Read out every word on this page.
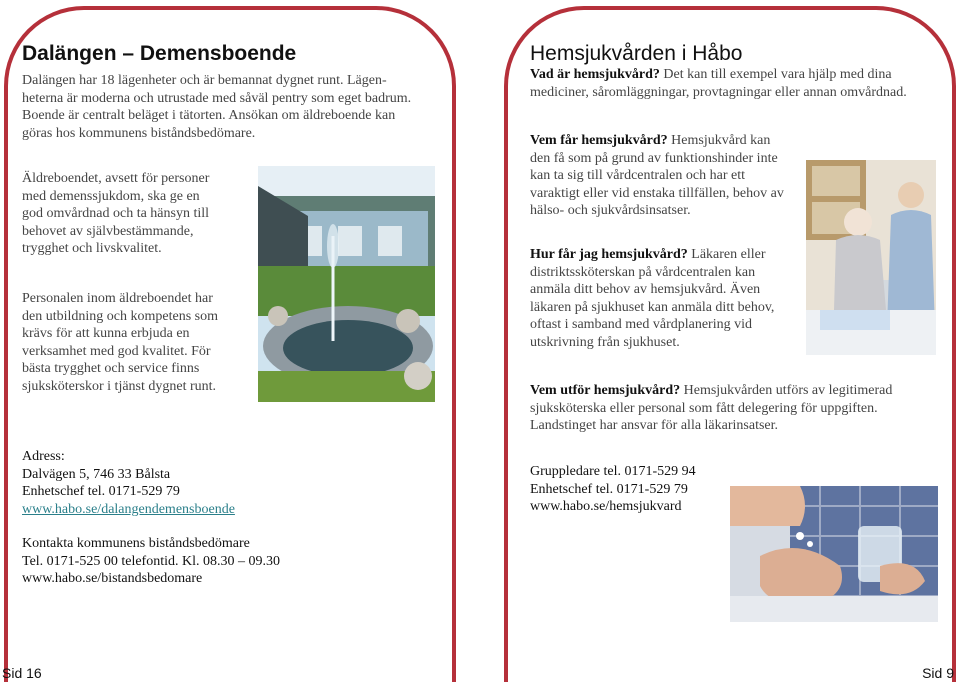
Dalängen – Demensboende

Dalängen har 18 lägenheter och är bemannat dygnet runt. Lägen-

heterna är moderna och utrustade med såväl pentry som eget badrum.

Boende är centralt beläget i tätorten. Ansökan om äldreboende kan

göras hos kommunens biståndsbedömare.

Äldreboendet, avsett för personer

med demenssjukdom, ska ge en

god omvårdnad och ta hänsyn till

behovet av självbestämmande,

trygghet och livskvalitet.

Personalen inom äldreboendet har

den utbildning och kompetens som

krävs för att kunna erbjuda en

verksamhet med god kvalitet. För

bästa trygghet och service finns

sjuksköterskor i tjänst dygnet runt.

Adress:

Dalvägen 5, 746 33 Bålsta

Enhetschef tel. 0171-529 79

www.habo.se/dalangendemensboende

Kontakta kommunens biståndsbedömare

Tel. 0171-525 00 telefontid. Kl. 08.30 – 09.30

www.habo.se/bistandsbedomare

Sid 16
Hemsjukvården i Håbo

Vad är hemsjukvård? Det kan till exempel vara hjälp med dina

mediciner, såromläggningar, provtagningar eller annan omvårdnad.

Vem får hemsjukvård? Hemsjukvård kan

den få som på grund av funktionshinder inte

kan ta sig till vårdcentralen och har ett

varaktigt eller vid enstaka tillfällen, behov av

hälso- och sjukvårdsinsatser.

Hur får jag hemsjukvård? Läkaren eller

distriktssköterskan på vårdcentralen kan

anmäla ditt behov av hemsjukvård. Även

läkaren på sjukhuset kan anmäla ditt behov,

oftast i samband med vårdplanering vid

utskrivning från sjukhuset.

Vem utför hemsjukvård? Hemsjukvården utförs av legitimerad

sjuksköterska eller personal som fått delegering för uppgiften.

Landstinget har ansvar för alla läkarinsatser.

Gruppledare tel. 0171-529 94

Enhetschef tel. 0171-529 79

www.habo.se/hemsjukvard

Sid 9
